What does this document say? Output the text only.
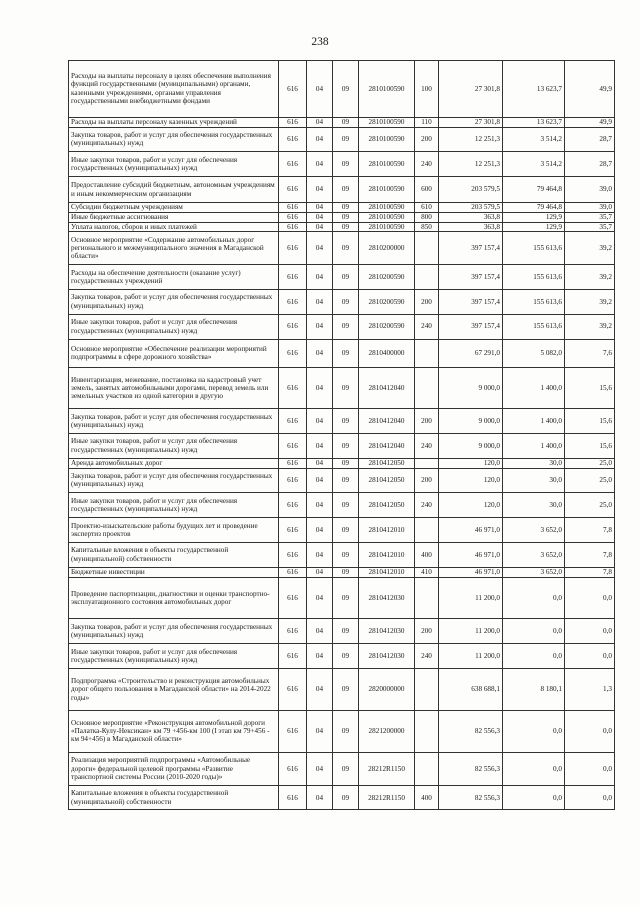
238
Расходы на выплаты персоналу в целях обеспечения выполнения функций государственными (муниципальными) органами, казенными учреждениями, органами управления государственными внебюджетными фондами	616	04	09	2810100590	100	27 301,8	13 623,7	49,9
Расходы на выплаты персоналу казенных учреждений	616	04	09	2810100590	110	27 301,8	13 623,7	49,9
Закупка товаров, работ и услуг для обеспечения государственных (муниципальных) нужд	616	04	09	2810100590	200	12 251,3	3 514,2	28,7
Иные закупки товаров, работ и услуг для обеспечения государственных (муниципальных) нужд	616	04	09	2810100590	240	12 251,3	3 514,2	28,7
Предоставление субсидий бюджетным, автономным учреждениям и иным некоммерческим организациям	616	04	09	2810100590	600	203 579,5	79 464,8	39,0
Субсидии бюджетным учреждениям	616	04	09	2810100590	610	203 579,5	79 464,8	39,0
Иные бюджетные ассигнования	616	04	09	2810100590	800	363,8	129,9	35,7
Уплата налогов, сборов и иных платежей	616	04	09	2810100590	850	363,8	129,9	35,7
Основное мероприятие «Содержание автомобильных дорог регионального и межмуниципального значения в Магаданской области»	616	04	09	2810200000		397 157,4	155 613,6	39,2
Расходы на обеспечение деятельности (оказание услуг) государственных учреждений	616	04	09	2810200590		397 157,4	155 613,6	39,2
Закупка товаров, работ и услуг для обеспечения государственных (муниципальных) нужд	616	04	09	2810200590	200	397 157,4	155 613,6	39,2
Иные закупки товаров, работ и услуг для обеспечения государственных (муниципальных) нужд	616	04	09	2810200590	240	397 157,4	155 613,6	39,2
Основное мероприятие «Обеспечение реализации мероприятий подпрограммы в сфере дорожного хозяйства»	616	04	09	2810400000		67 291,0	5 082,0	7,6
Инвентаризация, межевание, постановка на кадастровый учет земель, занятых автомобильными дорогами, перевод земель или земельных участков из одной категории в другую	616	04	09	2810412040		9 000,0	1 400,0	15,6
Закупка товаров, работ и услуг для обеспечения государственных (муниципальных) нужд	616	04	09	2810412040	200	9 000,0	1 400,0	15,6
Иные закупки товаров, работ и услуг для обеспечения государственных (муниципальных) нужд	616	04	09	2810412040	240	9 000,0	1 400,0	15,6
Аренда автомобильных дорог	616	04	09	2810412050		120,0	30,0	25,0
Закупка товаров, работ и услуг для обеспечения государственных (муниципальных) нужд	616	04	09	2810412050	200	120,0	30,0	25,0
Иные закупки товаров, работ и услуг для обеспечения государственных (муниципальных) нужд	616	04	09	2810412050	240	120,0	30,0	25,0
Проектно-изыскательские работы будущих лет и проведение экспертиз проектов	616	04	09	2810412010		46 971,0	3 652,0	7,8
Капитальные вложения в объекты государственной (муниципальной) собственности	616	04	09	2810412010	400	46 971,0	3 652,0	7,8
Бюджетные инвестиции	616	04	09	2810412010	410	46 971,0	3 652,0	7,8
Проведение паспортизации, диагностики и оценки транспортно-эксплуатационного состояния автомобильных дорог	616	04	09	2810412030		11 200,0	0,0	0,0
Закупка товаров, работ и услуг для обеспечения государственных (муниципальных) нужд	616	04	09	2810412030	200	11 200,0	0,0	0,0
Иные закупки товаров, работ и услуг для обеспечения государственных (муниципальных) нужд	616	04	09	2810412030	240	11 200,0	0,0	0,0
Подпрограмма «Строительство и реконструкция автомобильных дорог общего пользования в Магаданской области» на 2014-2022 годы»	616	04	09	2820000000		638 688,1	8 180,1	1,3
Основное мероприятие «Реконструкция автомобильной дороги «Палатка-Кулу-Нексикан» км 79 +456-км 100 (I этап км 79+456 - км 94+456) в Магаданской области»	616	04	09	2821200000		82 556,3	0,0	0,0
Реализация мероприятий подпрограммы «Автомобильные дороги» федеральной целевой программы «Развитие транспортной системы России (2010-2020 годы)»	616	04	09	28212R1150		82 556,3	0,0	0,0
Капитальные вложения в объекты государственной (муниципальной) собственности	616	04	09	28212R1150	400	82 556,3	0,0	0,0
